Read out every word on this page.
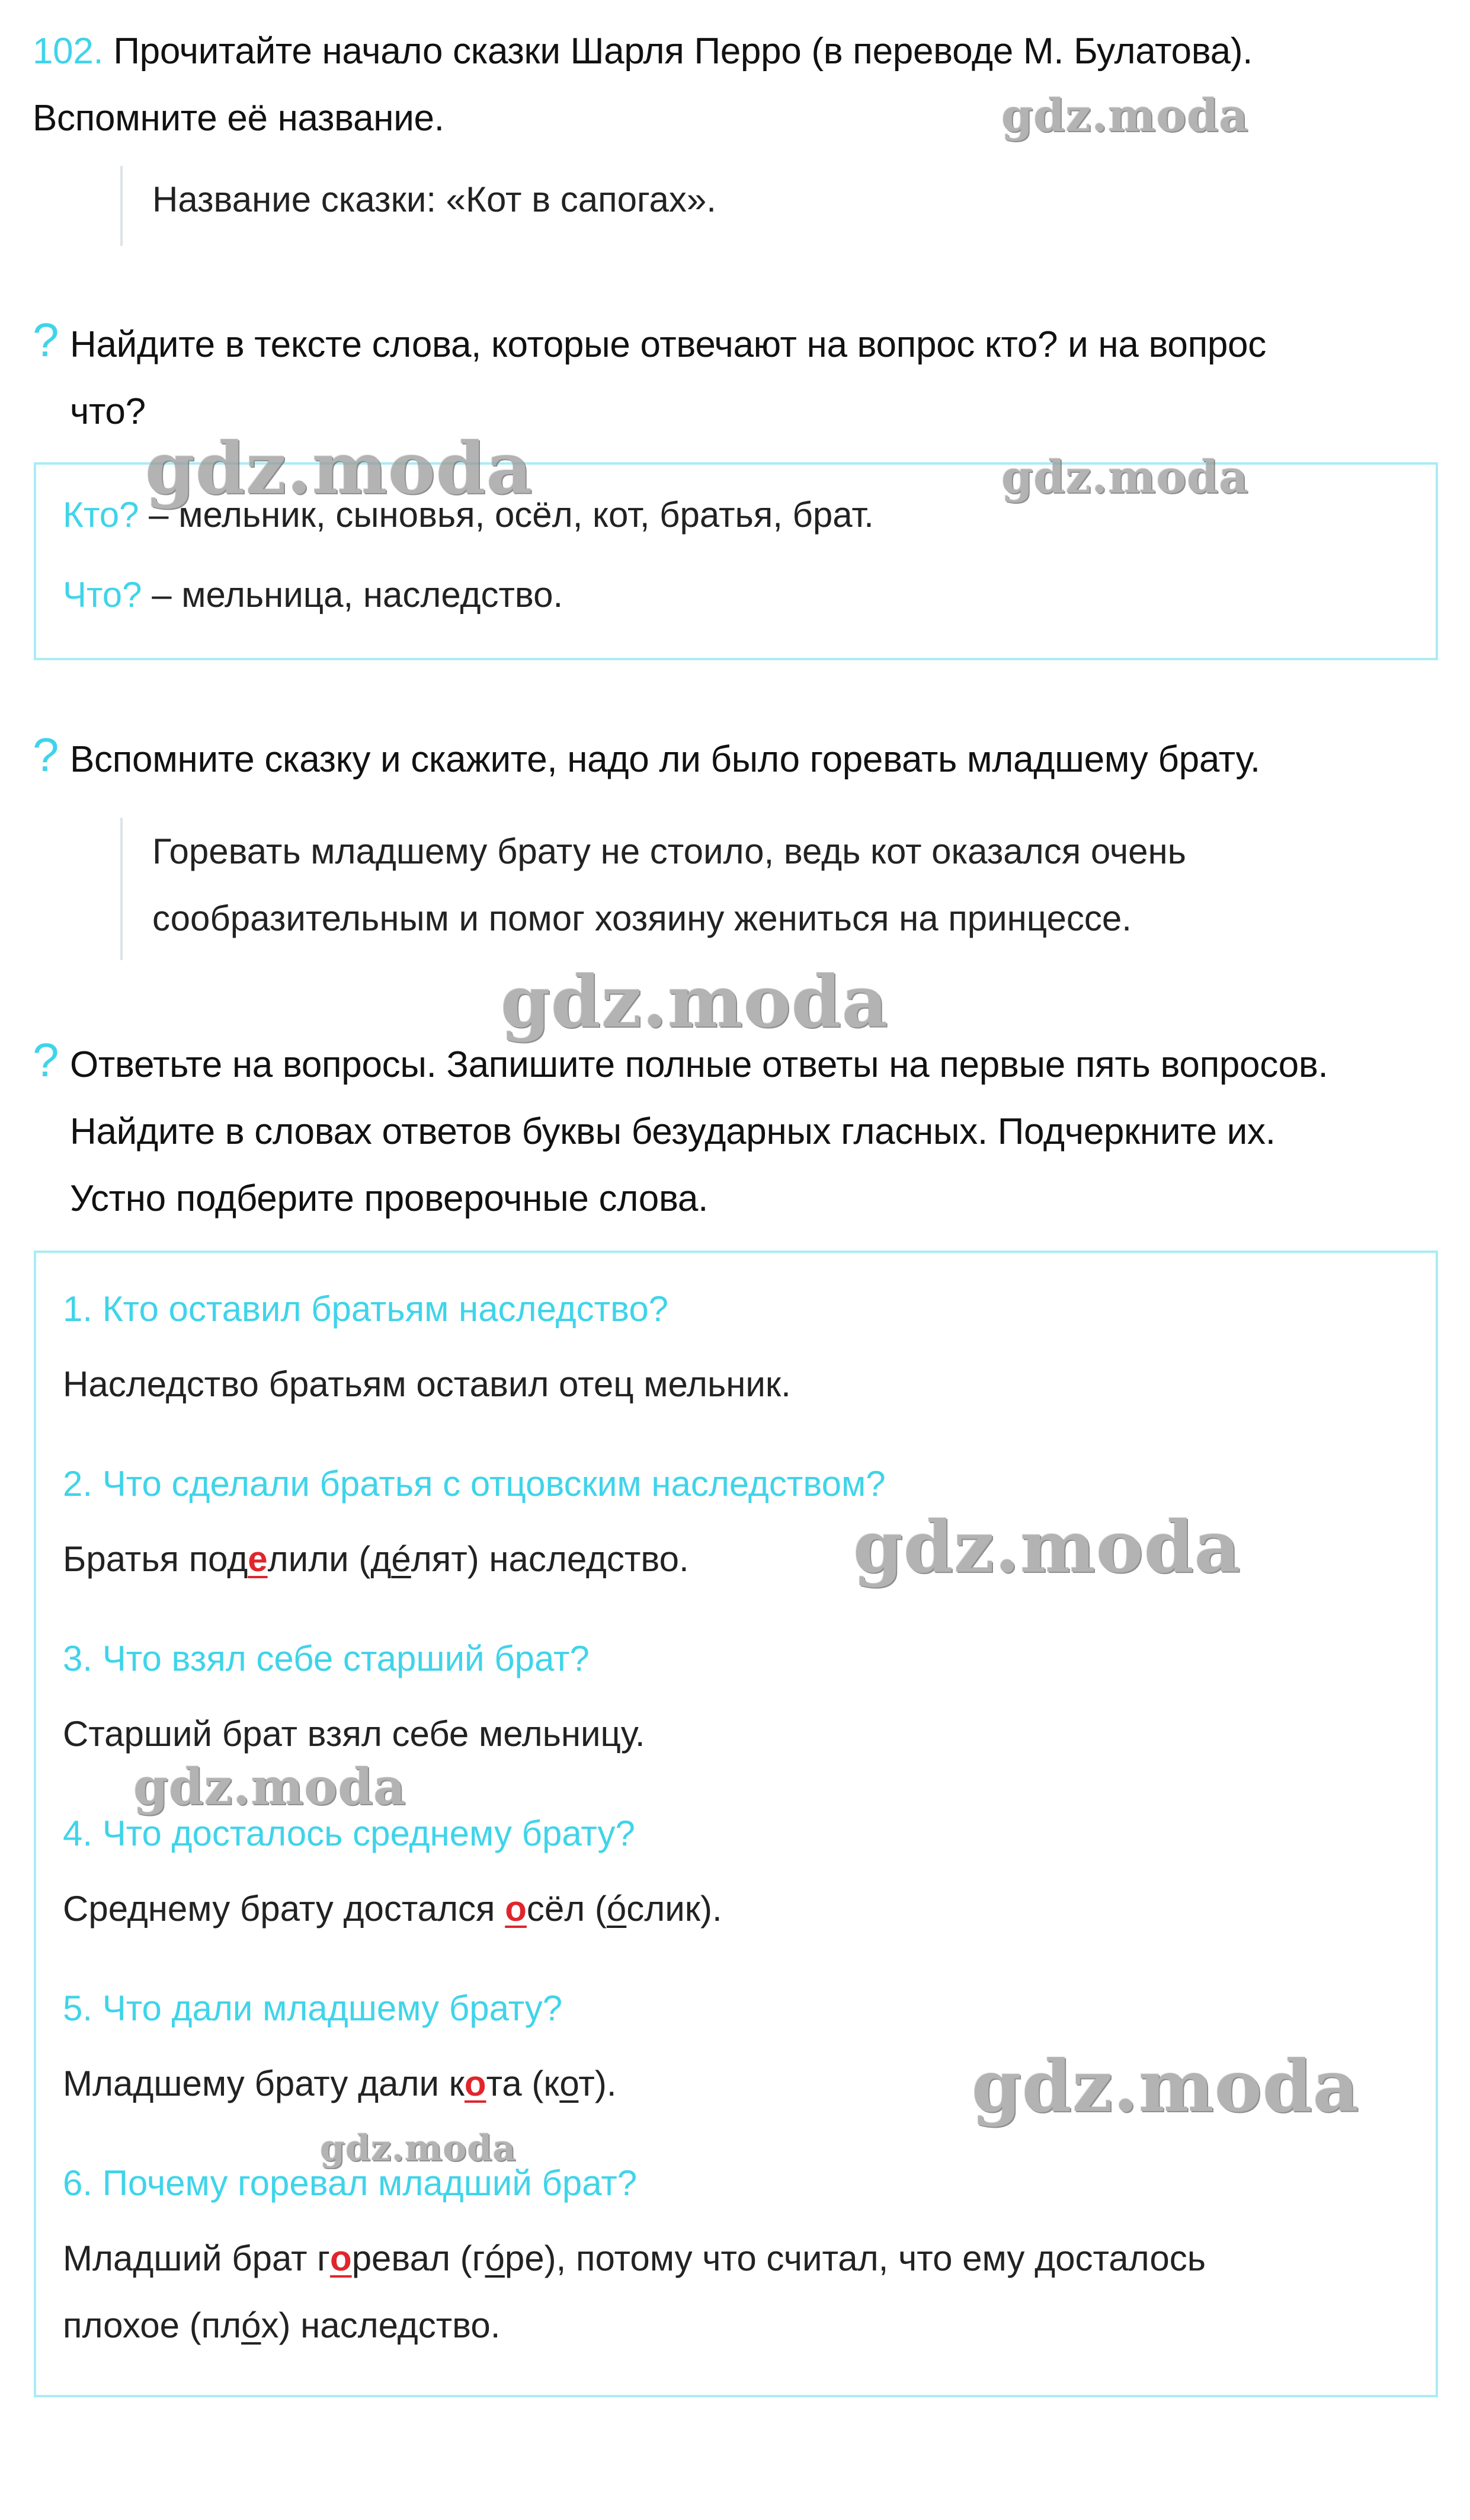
102. Прочитайте начало сказки Шарля Перро (в переводе М. Булатова).
Вспомните её название.
Название сказки: «Кот в сапогах».
? Найдите в тексте слова, которые отвечают на вопрос кто? и на вопрос
что?
Кто? – мельник, сыновья, осёл, кот, братья, брат.
Что? – мельница, наследство.
? Вспомните сказку и скажите, надо ли было горевать младшему брату.
Горевать младшему брату не стоило, ведь кот оказался очень
сообразительным и помог хозяину жениться на принцессе.
? Ответьте на вопросы. Запишите полные ответы на первые пять вопросов.
Найдите в словах ответов буквы безударных гласных. Подчеркните их.
Устно подберите проверочные слова.
1. Кто оставил братьям наследство?
Наследство братьям оставил отец мельник.
2. Что сделали братья с отцовским наследством?
Братья поделили (дéлят) наследство.
3. Что взял себе старший брат?
Старший брат взял себе мельницу.
4. Что досталось среднему брату?
Среднему брату достался осёл (óслик).
5. Что дали младшему брату?
Младшему брату дали кота (кот).
6. Почему горевал младший брат?
Младший брат горевал (гóре), потому что считал, что ему досталось
плохое (плóх) наследство.
gdz.moda
gdz.moda	gdz.moda
gdz.moda
gdz.moda
gdz.moda
gdz.moda
gdz.moda
